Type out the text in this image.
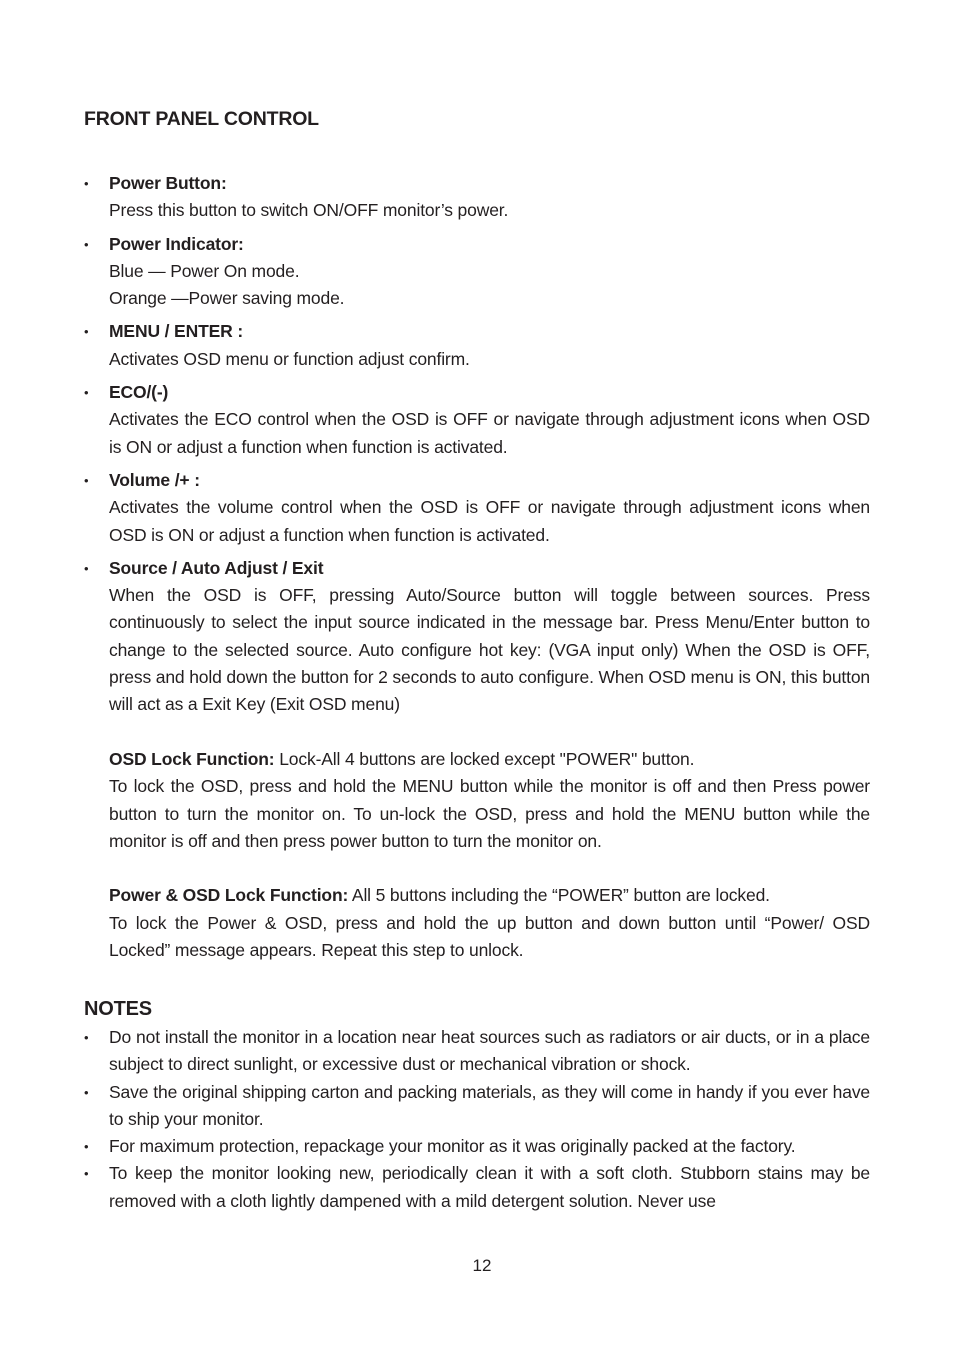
FRONT PANEL CONTROL
•	Power Button:
Press this button to switch ON/OFF monitor’s power.
•	Power Indicator:
Blue — Power On mode.
Orange —Power saving mode.
•	MENU / ENTER :
Activates OSD menu or function adjust confirm.
•	ECO/(-)
Activates the ECO control when the OSD is OFF or navigate through adjustment icons when OSD is ON or adjust a function when function is activated.
•	Volume /+ :
Activates the volume control when the OSD is OFF or navigate through adjustment icons when OSD is ON or adjust a function when function is activated.
•	Source / Auto Adjust / Exit
When the OSD is OFF, pressing Auto/Source button will toggle between sources. Press continuously to select the input source indicated in the message bar. Press Menu/Enter button to change to the selected source. Auto configure hot key: (VGA input only) When the OSD is OFF, press and hold down the button for 2 seconds to auto configure. When OSD menu is ON, this button will act as a Exit Key (Exit OSD menu)
OSD Lock Function: Lock-All 4 buttons are locked except "POWER" button.
To lock the OSD, press and hold the MENU button while the monitor is off and then Press power button to turn the monitor on. To un-lock the OSD, press and hold the MENU button while the monitor is off and then press power button to turn the monitor on.
Power & OSD Lock Function: All 5 buttons including the “POWER” button are locked.
To lock the Power & OSD, press and hold the up button and down button until “Power/ OSD Locked” message appears. Repeat this step to unlock.
NOTES
•	Do not install the monitor in a location near heat sources such as radiators or air ducts, or in a place subject to direct sunlight, or excessive dust or mechanical vibration or shock.
•	Save the original shipping carton and packing materials, as they will come in handy if you ever have to ship your monitor.
•	For maximum protection, repackage your monitor as it was originally packed at the factory.
•	To keep the monitor looking new, periodically clean it with a soft cloth. Stubborn stains may be removed with a cloth lightly dampened with a mild detergent solution. Never use
12
